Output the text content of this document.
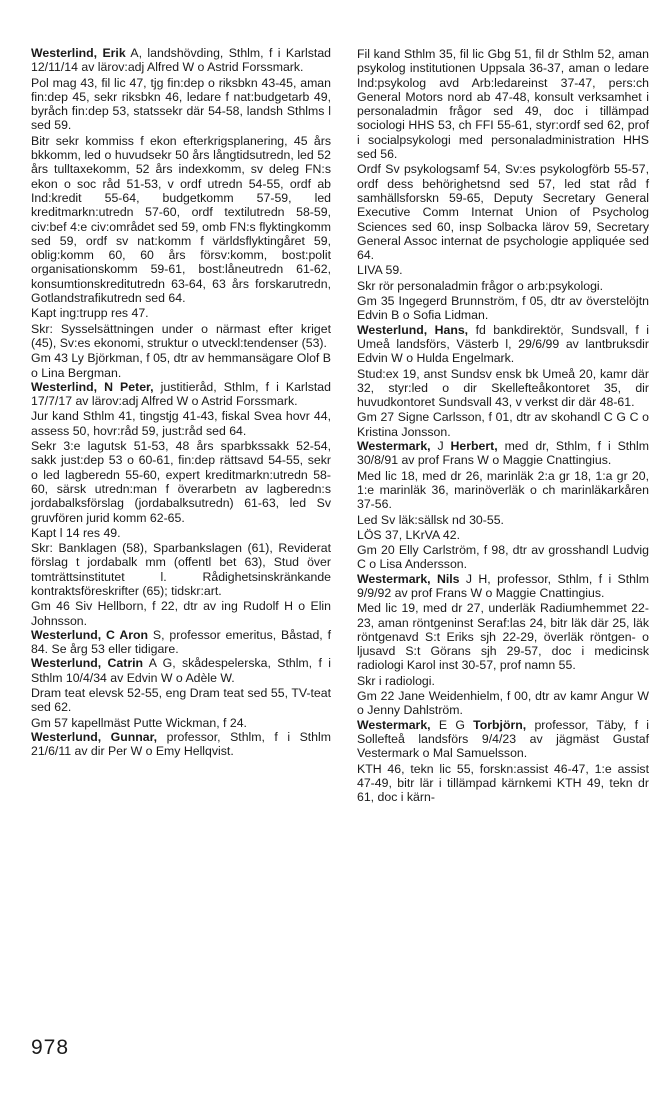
Westerlind, Erik A, landshövding, Sthlm, f i Karlstad 12/11/14 av lärov:adj Alfred W o Astrid Forssmark.

Pol mag 43, fil lic 47, tjg fin:dep o riksbkn 43-45, aman fin:dep 45, sekr riksbkn 46, ledare f nat:budgetarb 49, byråch fin:dep 53, statssekr där 54-58, landsh Sthlms l sed 59.

Bitr sekr kommiss f ekon efterkrigsplanering, 45 års bkkomm, led o huvudsekr 50 års långtidsutredn, led 52 års tulltaxekomm, 52 års indexkomm, sv deleg FN:s ekon o soc råd 51-53, v ordf utredn 54-55, ordf ab Ind:kredit 55-64, budgetkomm 57-59, led kreditmarkn:utredn 57-60, ordf textilutredn 58-59, civ:bef 4:e civ:området sed 59, omb FN:s flyktingkomm sed 59, ordf sv nat:komm f världsflyktingåret 59, oblig:komm 60, 60 års försv:komm, bost:polit organisationskomm 59-61, bost:låneutredn 61-62, konsumtionskreditutredn 63-64, 63 års forskarutredn, Gotlandstrafikutredn sed 64.

Kapt ing:trupp res 47.

Skr: Sysselsättningen under o närmast efter kriget (45), Sv:es ekonomi, struktur o utveckl:tendenser (53).

Gm 43 Ly Björkman, f 05, dtr av hemmansägare Olof B o Lina Bergman.

Westerlind, N Peter, justitieråd, Sthlm, f i Karlstad 17/7/17 av lärov:adj Alfred W o Astrid Forssmark.

Jur kand Sthlm 41, tingstjg 41-43, fiskal Svea hovr 44, assess 50, hovr:råd 59, just:råd sed 64.

Sekr 3:e lagutsk 51-53, 48 års sparbkssakk 52-54, sakk just:dep 53 o 60-61, fin:dep rättsavd 54-55, sekr o led lagberedn 55-60, expert kreditmarkn:utredn 58-60, särsk utredn:man f överarbetn av lagberedn:s jordabalksförslag (jordabalksutredn) 61-63, led Sv gruvfören jurid komm 62-65.

Kapt l 14 res 49.

Skr: Banklagen (58), Sparbankslagen (61), Reviderat förslag t jordabalk mm (offentl bet 63), Stud över tomträttsinstitutet l. Rådighetsinskränkande kontraktsföreskrifter (65); tidskr:art.

Gm 46 Siv Hellborn, f 22, dtr av ing Rudolf H o Elin Johnsson.

Westerlund, C Aron S, professor emeritus, Båstad, f 84. Se årg 53 eller tidigare.

Westerlund, Catrin A G, skådespelerska, Sthlm, f i Sthlm 10/4/34 av Edvin W o Adèle W.

Dram teat elevsk 52-55, eng Dram teat sed 55, TV-teat sed 62.

Gm 57 kapellmäst Putte Wickman, f 24.

Westerlund, Gunnar, professor, Sthlm, f i Sthlm 21/6/11 av dir Per W o Emy Hellqvist.

Fil kand Sthlm 35, fil lic Gbg 51, fil dr Sthlm 52, aman psykolog institutionen Uppsala 36-37, aman o ledare Ind:psykolog avd Arb:ledareinst 37-47, pers:ch General Motors nord ab 47-48, konsult verksamhet i personaladmin frågor sed 49, doc i tillämpad sociologi HHS 53, ch FFI 55-61, styr:ordf sed 62, prof i socialpsykologi med personaladministration HHS sed 56.

Ordf Sv psykologsamf 54, Sv:es psykologförb 55-57, ordf dess behörighetsnd sed 57, led stat råd f samhällsforskn 59-65, Deputy Secretary General Executive Comm Internat Union of Psycholog Sciences sed 60, insp Solbacka lärov 59, Secretary General Assoc internat de psychologie appliquée sed 64.

LIVA 59.

Skr rör personaladmin frågor o arb:psykologi.

Gm 35 Ingegerd Brunnström, f 05, dtr av överstelöjtn Edvin B o Sofia Lidman.

Westerlund, Hans, fd bankdirektör, Sundsvall, f i Umeå landsförs, Västerb l, 29/6/99 av lantbruksdir Edvin W o Hulda Engelmark.

Stud:ex 19, anst Sundsv ensk bk Umeå 20, kamr där 32, styr:led o dir Skellefteåkontoret 35, dir huvudkontoret Sundsvall 43, v verkst dir där 48-61.

Gm 27 Signe Carlsson, f 01, dtr av skohandl C G C o Kristina Jonsson.

Westermark, J Herbert, med dr, Sthlm, f i Sthlm 30/8/91 av prof Frans W o Maggie Cnattingius.

Med lic 18, med dr 26, marinläk 2:a gr 18, 1:a gr 20, 1:e marinläk 36, marinöverläk o ch marinläkarkåren 37-56.

Led Sv läk:sällsk nd 30-55.

LÖS 37, LKrVA 42.

Gm 20 Elly Carlström, f 98, dtr av grosshandl Ludvig C o Lisa Andersson.

Westermark, Nils J H, professor, Sthlm, f i Sthlm 9/9/92 av prof Frans W o Maggie Cnattingius.

Med lic 19, med dr 27, underläk Radiumhemmet 22-23, aman röntgeninst Seraf:las 24, bitr läk där 25, läk röntgenavd S:t Eriks sjh 22-29, överläk röntgen- o ljusavd S:t Görans sjh 29-57, doc i medicinsk radiologi Karol inst 30-57, prof namn 55.

Skr i radiologi.

Gm 22 Jane Weidenhielm, f 00, dtr av kamr Angur W o Jenny Dahlström.

Westermark, E G Torbjörn, professor, Täby, f i Sollefteå landsförs 9/4/23 av jägmäst Gustaf Vestermark o Mal Samuelsson.

KTH 46, tekn lic 55, forskn:assist 46-47, 1:e assist 47-49, bitr lär i tillämpad kärnkemi KTH 49, tekn dr 61, doc i kärn-

978
